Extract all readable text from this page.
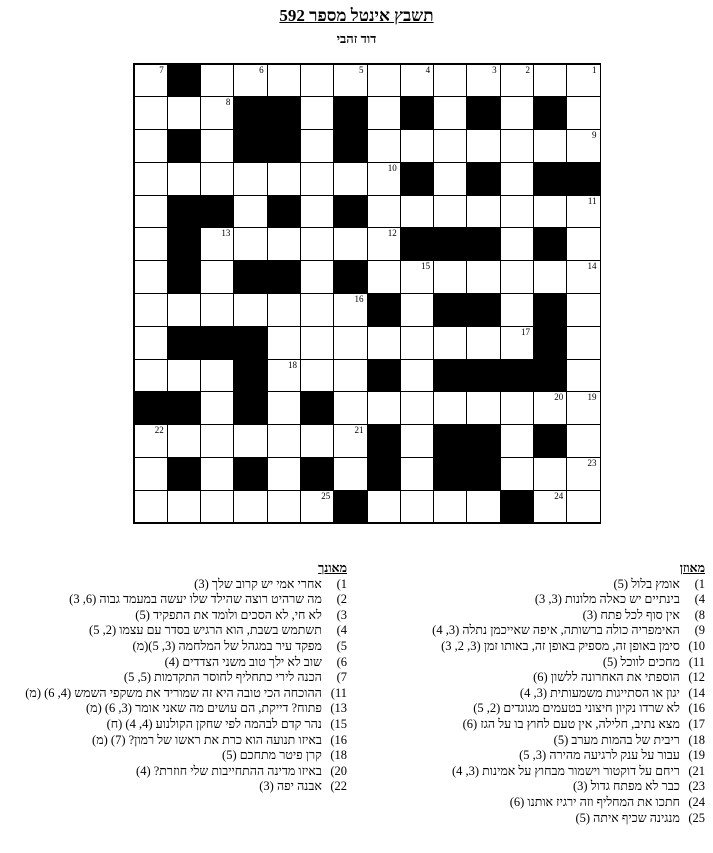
תשבץ אינטל מספר 592
דוד זהבי
1
2
3
4
5
6
7
8
9
10
11
12
13
14
15
16
17
18
19
20
21
22
23
24
25
מאוזן
1) אומץ בלול (5)
4) בינתיים יש כאלה מלונות (3, 3)
8) אין סוף לכל פתח (3)
9) האימפריה כולה ברשותה, איפה שאייכמן נתלה (3, 4)
10) סימן באופן זה, מספיק באופן זה, באותו זמן (3, 2, 3)
11) מחכים לווכל (5)
12) הוספתי את האחרונה ללשון (6)
14) יגון או הסתייגות משמעותית (3, 4)
16) לא שרדו נקיון חיצוני בטעמים מגוגדים (2, 5)
17) מצא נתיב, חלילה, אין טעם לחוץ בו על הגז (6)
18) ריבית של בהמות מערב (5)
19) עבור על ענק לרגיעה מהירה (3, 5)
21) ריחם על דוקטור וישמור מבחוץ על אמינות (3, 4)
23) כבר לא מפתח גדול (3)
24) חתכו את המחליף וזה ירגיז אותנו (6)
25) מנגינה שכיף איתה (5)
מאונך
1) אחרי אמי יש קרוב שלך (3)
2) מה שרהיט רוצה שהילד שלו יעשה במעמד גבוה (6, 3)
3) לא חי, לא הסכים ולומד את התפקיד (5)
4) תשתמש בשבת, הוא הרגיש בסדר עם עצמו (2, 5)
5) מפקד עיר במגהל של המלחמה (3, 5)(מ)
6) שוב לא ילך טוב משני הצדדים (4)
7) הכנה לירי כתחליף לחוסר התקדמות (5, 5)
11) ההוכחה הכי טובה היא זה שמוריד את משקפי השמש (4, 6) (מ)
13) פתוח? דייקת, הם עושים מה שאני אומר (3, 6) (מ)
15) נהר קדם לבהמה לפי שחקן הקולנוע (4, 4) (ח)
16) באיזו תנועה הוא כרת את ראשו של רמון? (7) (מ)
18) קרן פיטר מתחכם (5)
20) באיזו מדינה ההתחייבות שלי חוזרת? (4)
22) אבנה יפה (3)
